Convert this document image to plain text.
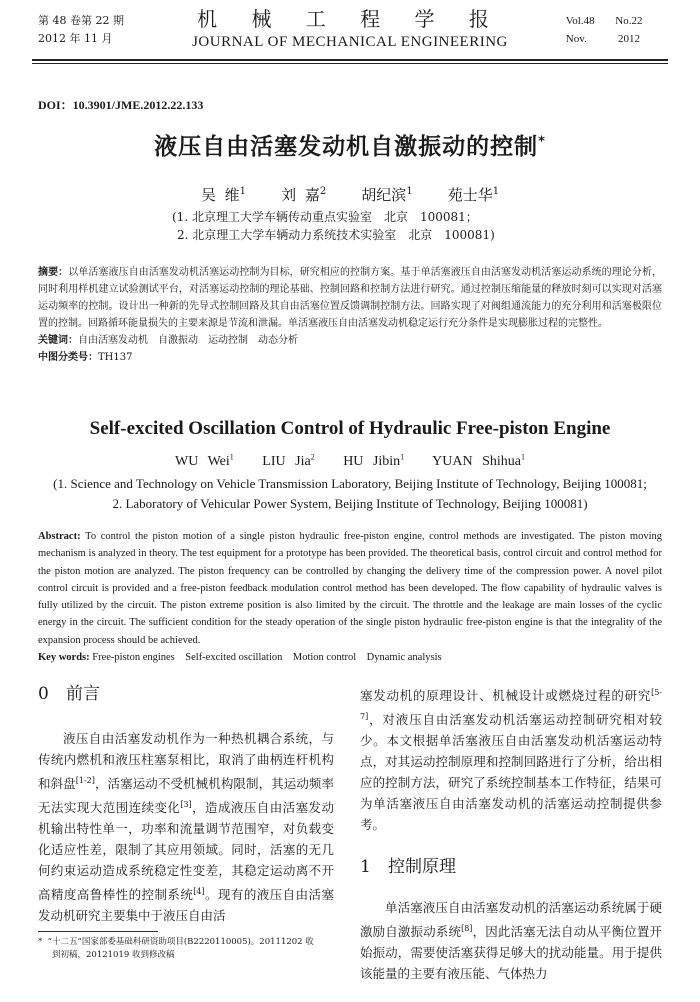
第 48 卷第 22 期
2012 年 11 月
机 械 工 程 学 报
JOURNAL OF MECHANICAL ENGINEERING
Vol.48 No.22
Nov.	2012
DOI：10.3901/JME.2012.22.133
液压自由活塞发动机自激振动的控制*
吴 维$^1$ 刘 嘉$^2$ 胡纪滨$^1$ 苑士华$^1$
(1. 北京理工大学车辆传动重点实验室　北京　100081；
2. 北京理工大学车辆动力系统技术实验室　北京　100081)
摘要：以单活塞液压自由活塞发动机活塞运动控制为目标，研究相应的控制方案。基于单活塞液压自由活塞发动机活塞运动系统的理论分析，同时利用样机建立试验测试平台，对活塞运动控制的理论基础、控制回路和控制方法进行研究。通过控制压缩能量的释放时刻可以实现对活塞运动频率的控制。设计出一种新的先导式控制回路及其自由活塞位置反馈调制控制方法。回路实现了对阀组通流能力的充分利用和活塞极限位置的控制。回路循环能量损失的主要来源是节流和泄漏。单活塞液压自由活塞发动机稳定运行充分条件是实现膨胀过程的完整性。
关键词：自由活塞发动机　自激振动　运动控制　动态分析
中图分类号：TH137
Self-excited Oscillation Control of Hydraulic Free-piston Engine
WU Wei$^1$ LIU Jia$^2$ HU Jibin$^1$ YUAN Shihua$^1$
(1. Science and Technology on Vehicle Transmission Laboratory, Beijing Institute of Technology, Beijing 100081;
2. Laboratory of Vehicular Power System, Beijing Institute of Technology, Beijing 100081)
Abstract: To control the piston motion of a single piston hydraulic free-piston engine, control methods are investigated. The piston moving mechanism is analyzed in theory. The test equipment for a prototype has been provided. The theoretical basis, control circuit and control method for the piston motion are analyzed. The piston frequency can be controlled by changing the delivery time of the compression power. A novel pilot control circuit is provided and a free-piston feedback modulation control method has been developed. The flow capability of hydraulic valves is fully utilized by the circuit. The piston extreme position is also limited by the circuit. The throttle and the leakage are main losses of the cyclic energy in the circuit. The sufficient condition for the steady operation of the single piston hydraulic free-piston engine is that the integrality of the expansion process should be achieved.
Key words: Free-piston engines　Self-excited oscillation　Motion control　Dynamic analysis
0 前言

液压自由活塞发动机作为一种热机耦合系统，与传统内燃机和液压柱塞泵相比，取消了曲柄连杆机构和斜盘[1-2]，活塞运动不受机械机构限制，其运动频率无法实现大范围连续变化[3]，造成液压自由活塞发动机输出特性单一，功率和流量调节范围窄，对负载变化适应性差，限制了其应用领域。同时，活塞的无几何约束运动造成系统稳定性变差，其稳定运动离不开高精度高鲁棒性的控制系统[4]。现有的液压自由活塞发动机研究主要集中于液压自由活

塞发动机的原理设计、机械设计或燃烧过程的研究[5-7]，对液压自由活塞发动机活塞运动控制研究相对较少。本文根据单活塞液压自由活塞发动机活塞运动特点，对其运动控制原理和控制回路进行了分析，给出相应的控制方法，研究了系统控制基本工作特征，结果可为单活塞液压自由活塞发动机的活塞运动控制提供参考。

1 控制原理

单活塞液压自由活塞发动机的活塞运动系统属于硬激励自激振动系统[8]，因此活塞无法自动从平衡位置开始振动，需要使活塞获得足够大的扰动能量。用于提供该能量的主要有液压能、气体热力

* “十二五”国家部委基础科研资助项目(B2220110005)。20111202 收
到初稿，20121019 收到修改稿
